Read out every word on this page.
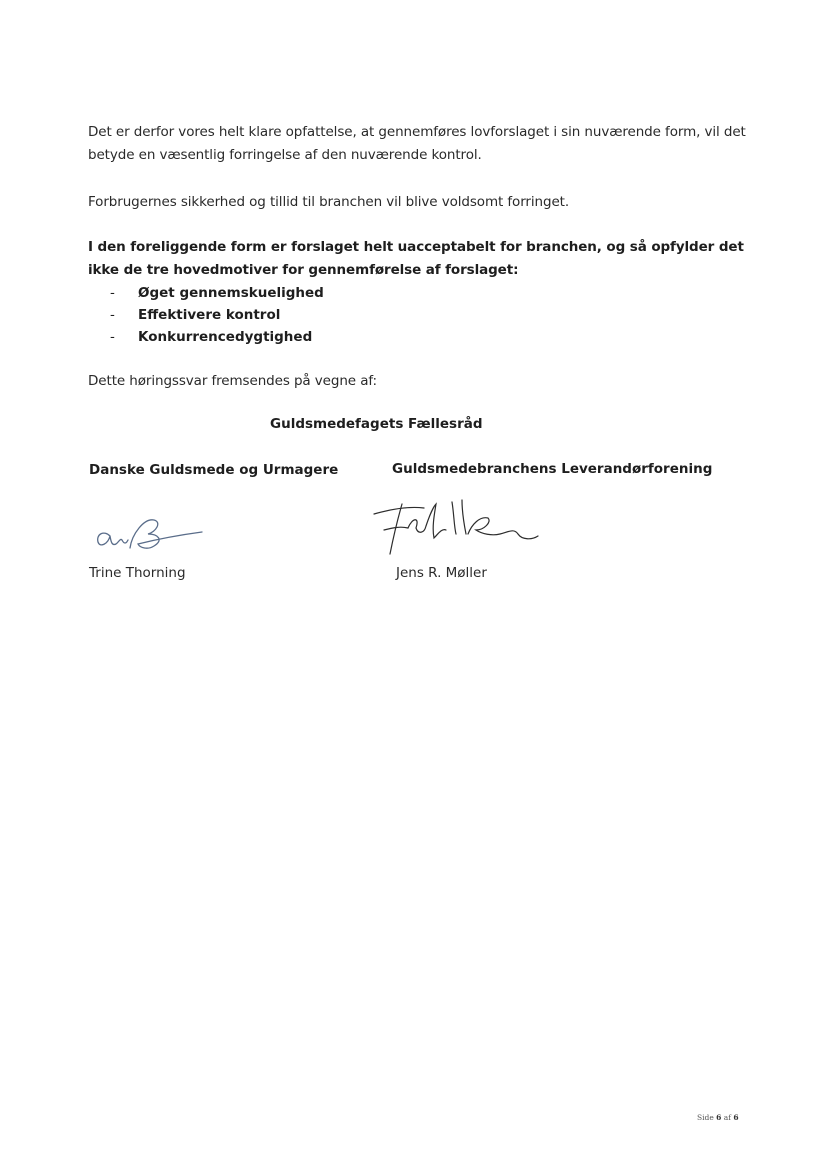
Det er derfor vores helt klare opfattelse, at gennemføres lovforslaget i sin nuværende form, vil det betyde en væsentlig forringelse af den nuværende kontrol.

Forbrugernes sikkerhed og tillid til branchen vil blive voldsomt forringet.

I den foreliggende form er forslaget helt uacceptabelt for branchen, og så opfylder det ikke de tre hovedmotiver for gennemførelse af forslaget:

- Øget gennemskuelighed
- Effektivere kontrol
- Konkurrencedygtighed

Dette høringssvar fremsendes på vegne af:

Guldsmedefagets Fællesråd
Danske Guldsmede og Urmagere	Guldsmedebranchens Leverandørforening
Trine Thorning	Jens R. Møller
Side 6 af 6
